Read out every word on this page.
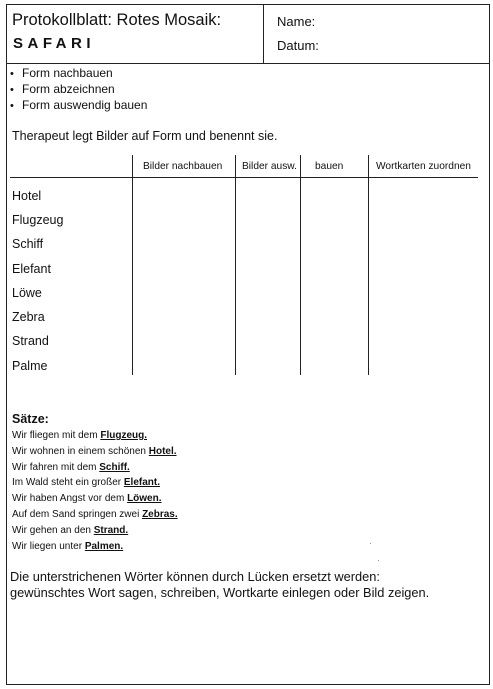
Protokollblatt: Rotes Mosaik:
SAFARI
Name:
Datum:
• Form nachbauen
• Form abzeichnen
• Form auswendig bauen
Therapeut legt Bilder auf Form und benennt sie.
Bilder nachbauen Bilder ausw. bauen	Wortkarten zuordnen
Hotel
Flugzeug
Schiff
Elefant
Löwe
Zebra
Strand
Palme
Sätze:
Wir fliegen mit dem Flugzeug.
Wir wohnen in einem schönen Hotel.
Wir fahren mit dem Schiff.
Im Wald steht ein großer Elefant.
Wir haben Angst vor dem Löwen.
Auf dem Sand springen zwei Zebras.
Wir gehen an den Strand.
Wir liegen unter Palmen.
Die unterstrichenen Wörter können durch Lücken ersetzt werden:
gewünschtes Wort sagen, schreiben, Wortkarte einlegen oder Bild zeigen.
